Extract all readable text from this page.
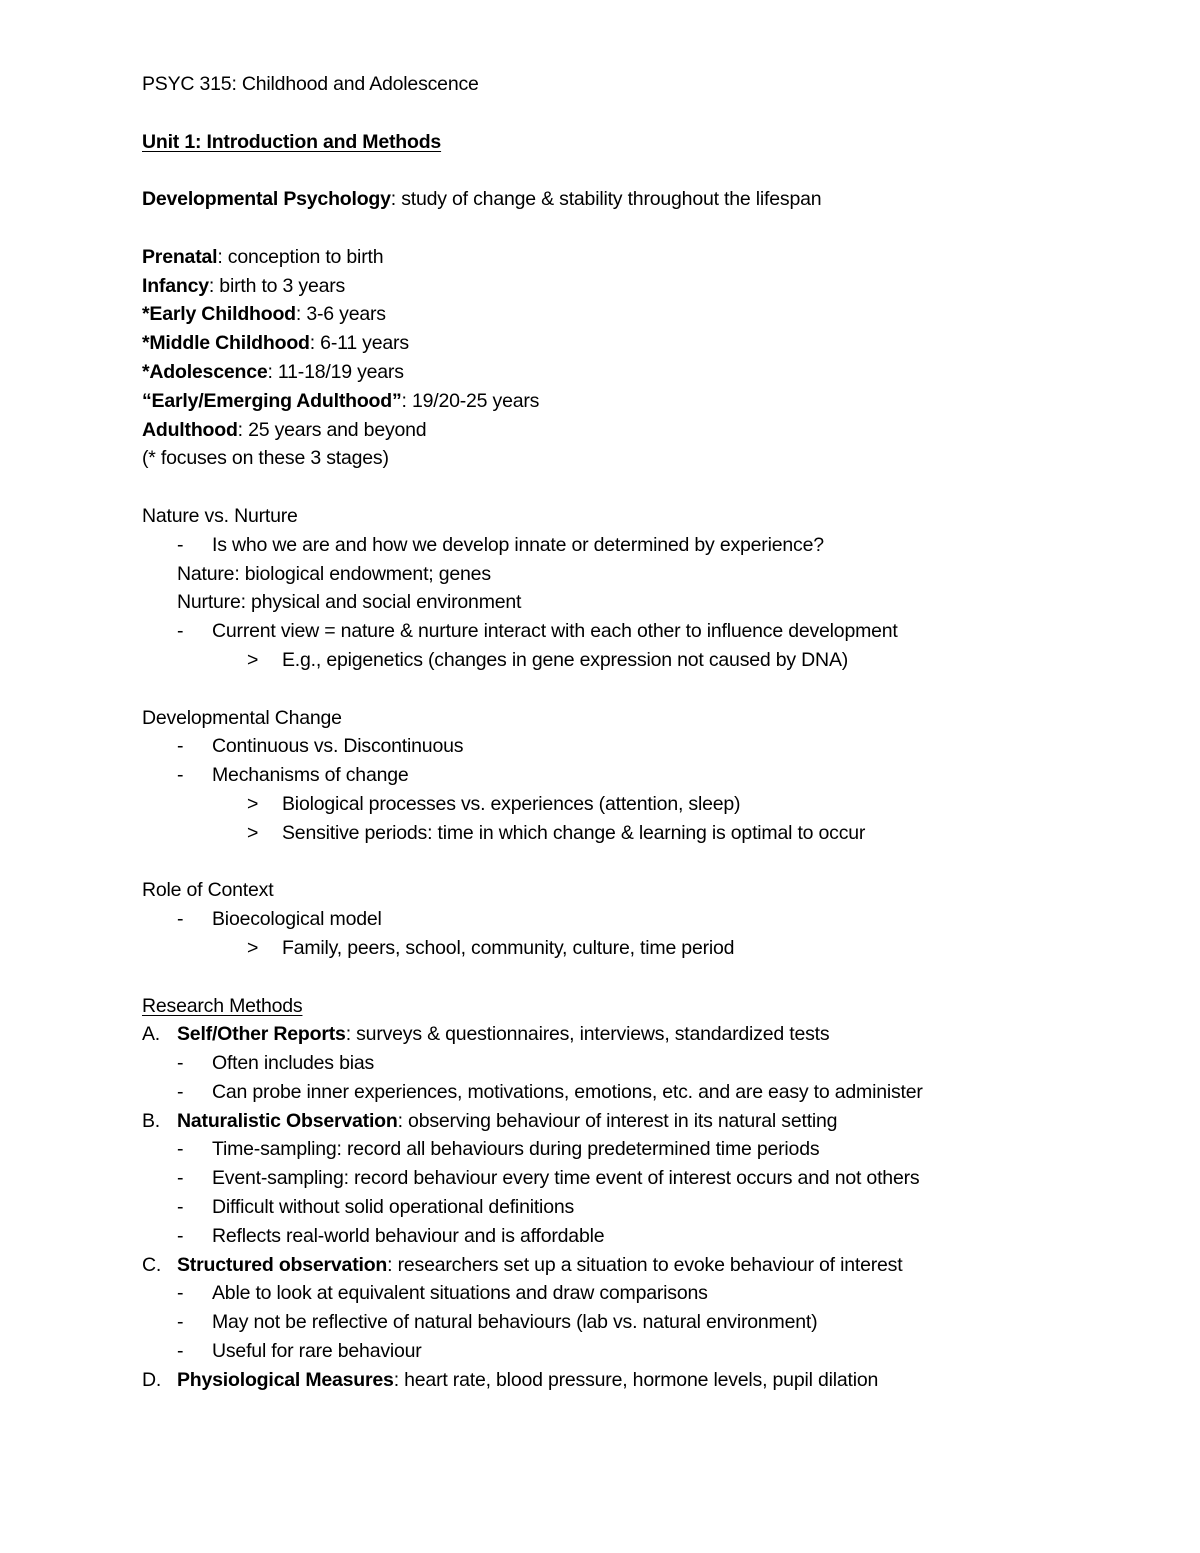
PSYC 315: Childhood and Adolescence
Unit 1: Introduction and Methods
Developmental Psychology: study of change & stability throughout the lifespan
Prenatal: conception to birth
Infancy: birth to 3 years
*Early Childhood: 3-6 years
*Middle Childhood: 6-11 years
*Adolescence: 11-18/19 years
“Early/Emerging Adulthood”: 19/20-25 years
Adulthood: 25 years and beyond
(* focuses on these 3 stages)
Nature vs. Nurture
-	Is who we are and how we develop innate or determined by experience?
Nature: biological endowment; genes
Nurture: physical and social environment
-	Current view = nature & nurture interact with each other to influence development
>	E.g., epigenetics (changes in gene expression not caused by DNA)
Developmental Change
-	Continuous vs. Discontinuous
-	Mechanisms of change
>	Biological processes vs. experiences (attention, sleep)
>	Sensitive periods: time in which change & learning is optimal to occur
Role of Context
-	Bioecological model
>	Family, peers, school, community, culture, time period
Research Methods
A. Self/Other Reports: surveys & questionnaires, interviews, standardized tests
-	Often includes bias
-	Can probe inner experiences, motivations, emotions, etc. and are easy to administer
B. Naturalistic Observation: observing behaviour of interest in its natural setting
-	Time-sampling: record all behaviours during predetermined time periods
-	Event-sampling: record behaviour every time event of interest occurs and not others
-	Difficult without solid operational definitions
-	Reflects real-world behaviour and is affordable
C. Structured observation: researchers set up a situation to evoke behaviour of interest
-	Able to look at equivalent situations and draw comparisons
-	May not be reflective of natural behaviours (lab vs. natural environment)
-	Useful for rare behaviour
D. Physiological Measures: heart rate, blood pressure, hormone levels, pupil dilation
